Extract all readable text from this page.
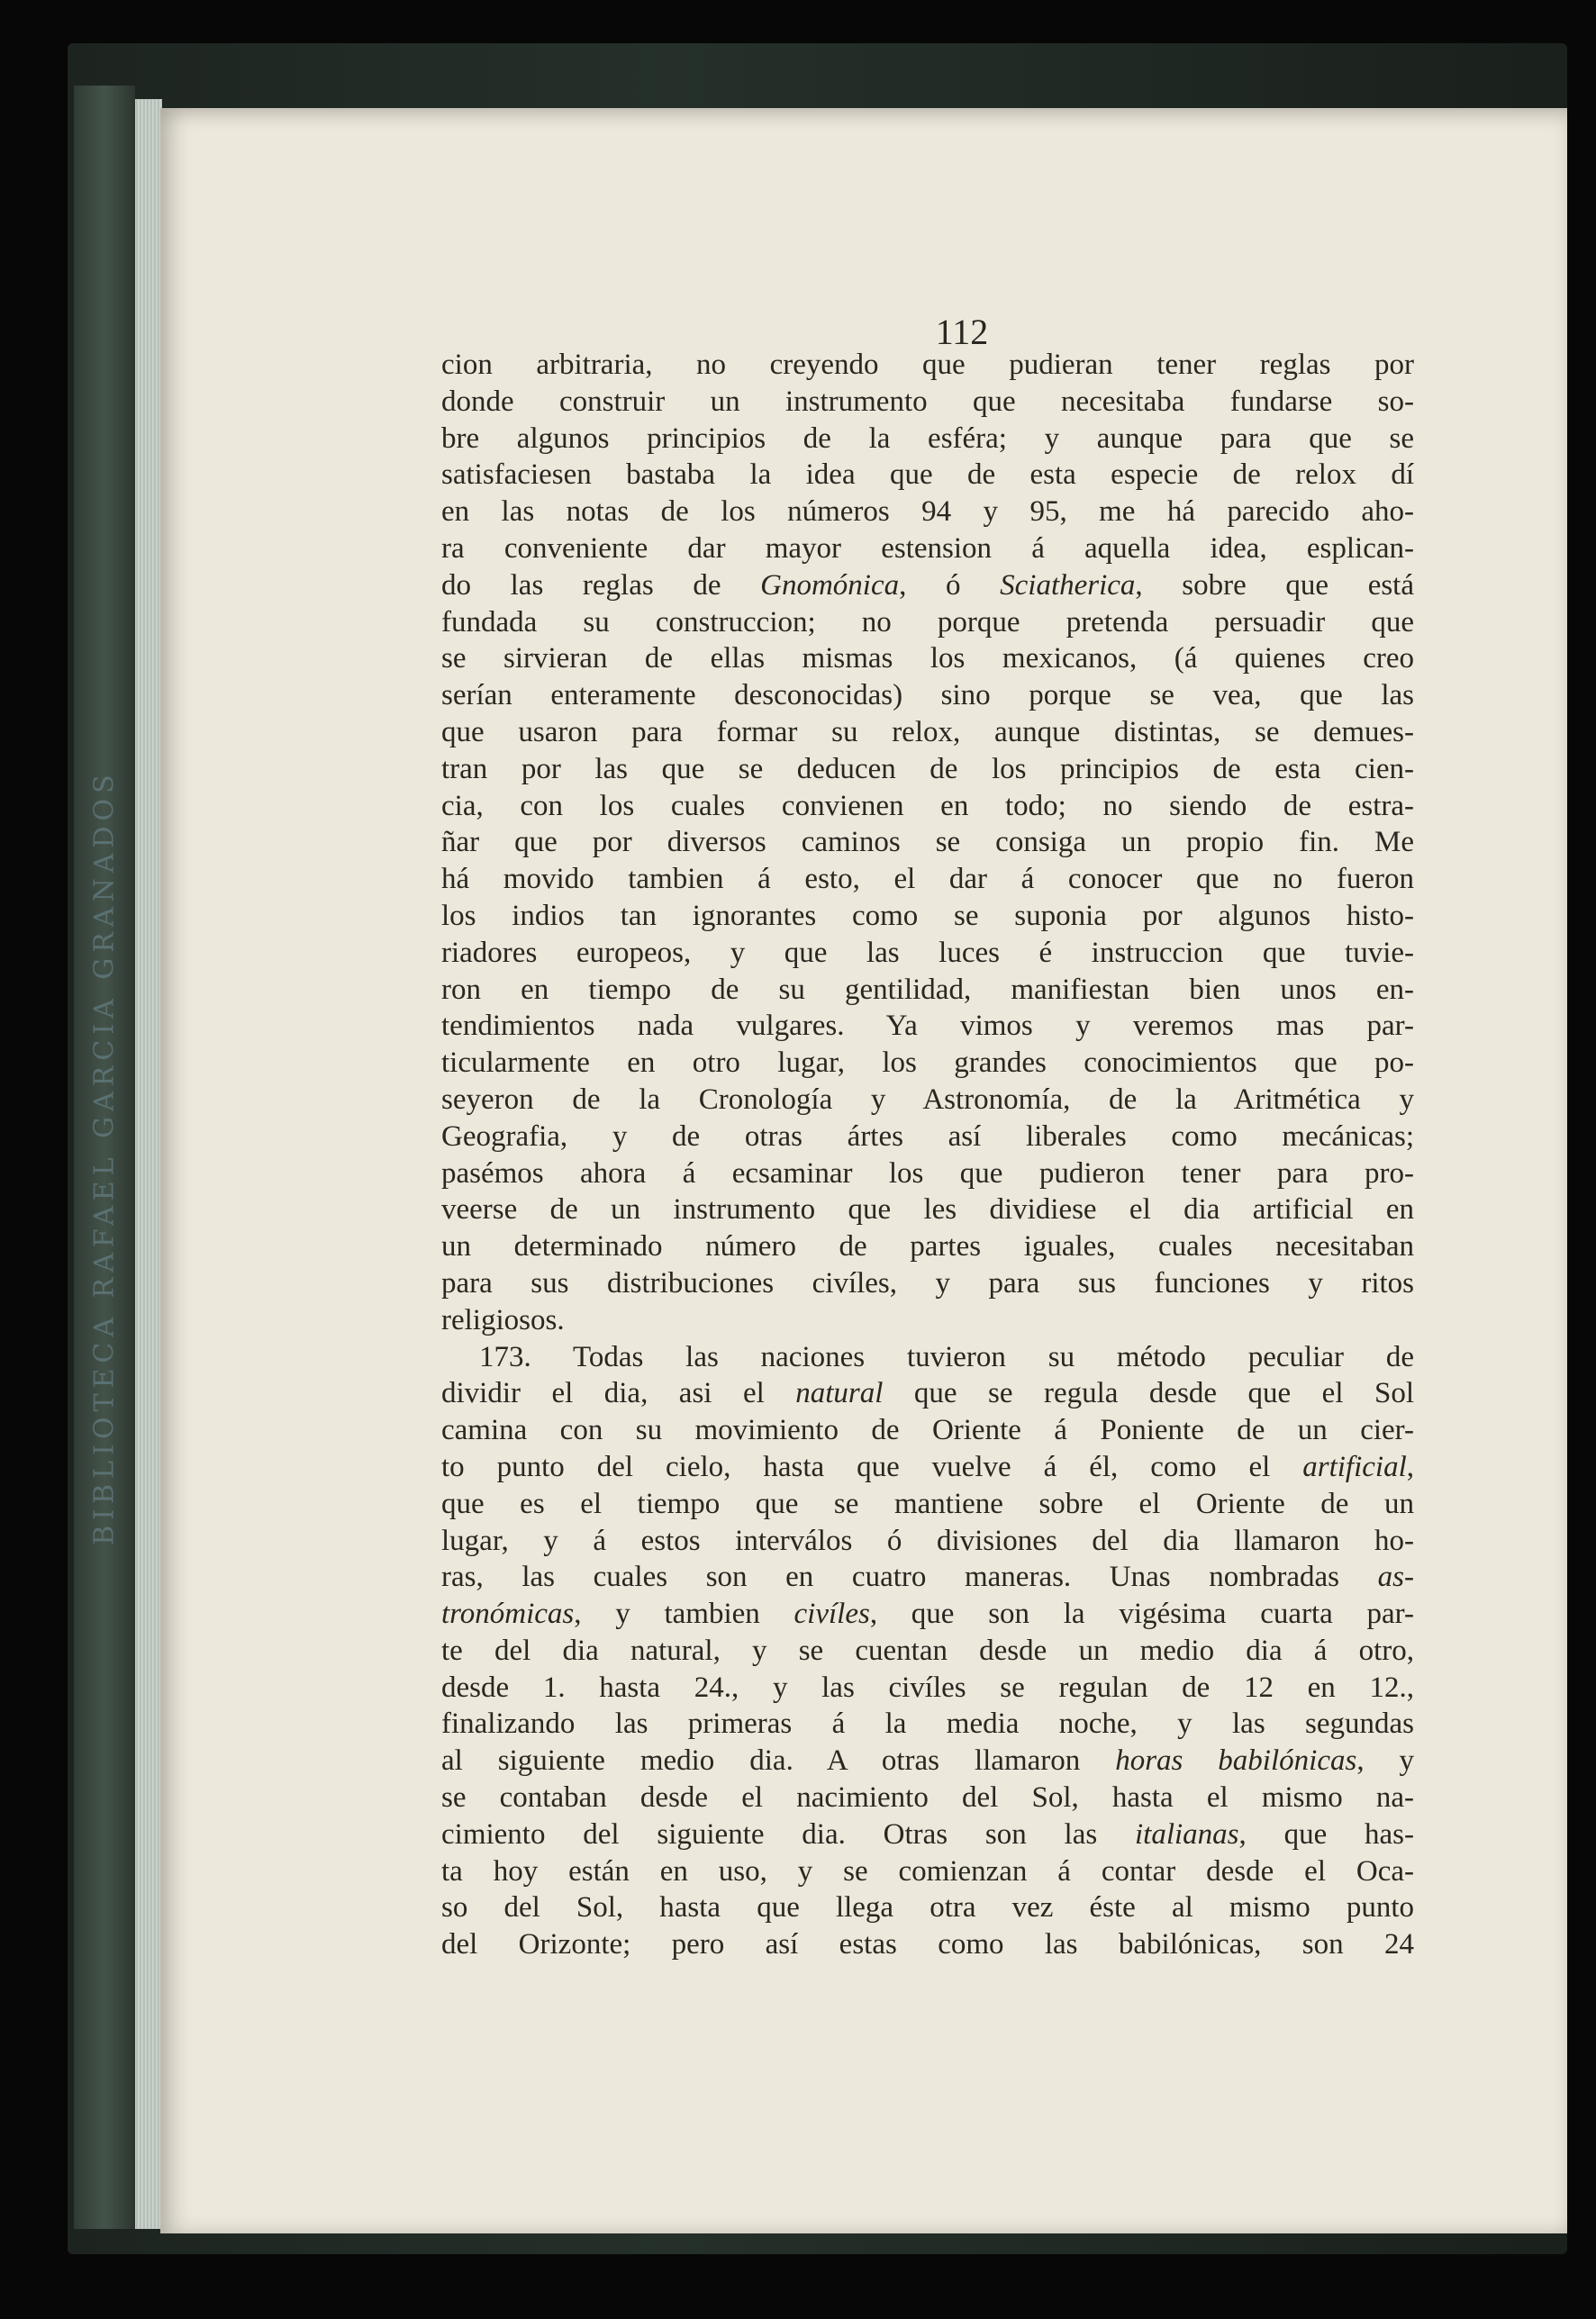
BIBLIOTECA RAFAEL GARCIA GRANADOS
112
cion arbitraria, no creyendo que pudieran tener reglas por
donde construir un instrumento que necesitaba fundarse so-
bre algunos principios de la esféra; y aunque para que se
satisfaciesen bastaba la idea que de esta especie de relox dí
en las notas de los números 94 y 95, me há parecido aho-
ra conveniente dar mayor estension á aquella idea, esplican-
do las reglas de Gnomónica, ó Sciatherica, sobre que está
fundada su construccion; no porque pretenda persuadir que
se sirvieran de ellas mismas los mexicanos, (á quienes creo
serían enteramente desconocidas) sino porque se vea, que las
que usaron para formar su relox, aunque distintas, se demues-
tran por las que se deducen de los principios de esta cien-
cia, con los cuales convienen en todo; no siendo de estra-
ñar que por diversos caminos se consiga un propio fin. Me
há movido tambien á esto, el dar á conocer que no fueron
los indios tan ignorantes como se suponia por algunos histo-
riadores europeos, y que las luces é instruccion que tuvie-
ron en tiempo de su gentilidad, manifiestan bien unos en-
tendimientos nada vulgares. Ya vimos y veremos mas par-
ticularmente en otro lugar, los grandes conocimientos que po-
seyeron de la Cronología y Astronomía, de la Aritmética y
Geografia, y de otras ártes así liberales como mecánicas;
pasémos ahora á ecsaminar los que pudieron tener para pro-
veerse de un instrumento que les dividiese el dia artificial en
un determinado número de partes iguales, cuales necesitaban
para sus distribuciones civíles, y para sus funciones y ritos
religiosos.
173. Todas las naciones tuvieron su método peculiar de
dividir el dia, asi el natural que se regula desde que el Sol
camina con su movimiento de Oriente á Poniente de un cier-
to punto del cielo, hasta que vuelve á él, como el artificial,
que es el tiempo que se mantiene sobre el Oriente de un
lugar, y á estos interválos ó divisiones del dia llamaron ho-
ras, las cuales son en cuatro maneras. Unas nombradas as-
tronómicas, y tambien civíles, que son la vigésima cuarta par-
te del dia natural, y se cuentan desde un medio dia á otro,
desde 1. hasta 24., y las civíles se regulan de 12 en 12.,
finalizando las primeras á la media noche, y las segundas
al siguiente medio dia. A otras llamaron horas babilónicas, y
se contaban desde el nacimiento del Sol, hasta el mismo na-
cimiento del siguiente dia. Otras son las italianas, que has-
ta hoy están en uso, y se comienzan á contar desde el Oca-
so del Sol, hasta que llega otra vez éste al mismo punto
del Orizonte; pero así estas como las babilónicas, son 24
